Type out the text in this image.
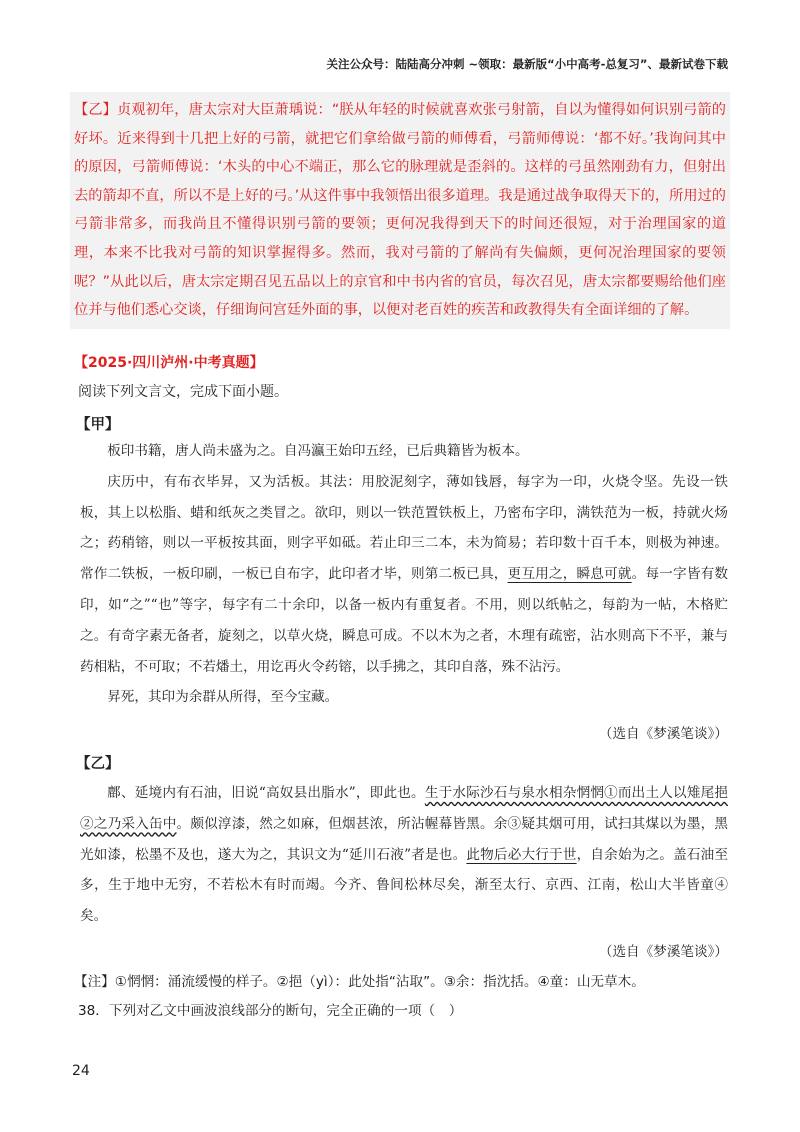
关注公众号：陆陆高分冲刺 ~领取：最新版“小中高考-总复习”、最新试卷下载

【乙】贞观初年，唐太宗对大臣萧瑀说：“朕从年轻的时候就喜欢张弓射箭，自以为懂得如何识别弓箭的好坏。近来得到十几把上好的弓箭，就把它们拿给做弓箭的师傅看，弓箭师傅说：‘都不好。’我询问其中的原因，弓箭师傅说：‘木头的中心不端正，那么它的脉理就是歪斜的。这样的弓虽然刚劲有力，但射出去的箭却不直，所以不是上好的弓。’从这件事中我领悟出很多道理。我是通过战争取得天下的，所用过的弓箭非常多，而我尚且不懂得识别弓箭的要领；更何况我得到天下的时间还很短，对于治理国家的道理，本来不比我对弓箭的知识掌握得多。然而，我对弓箭的了解尚有失偏颇，更何况治理国家的要领呢？”从此以后，唐太宗定期召见五品以上的京官和中书内省的官员，每次召见，唐太宗都要赐给他们座位并与他们悉心交谈，仔细询问宫廷外面的事，以便对老百姓的疾苦和政教得失有全面详细的了解。

【2025·四川泸州·中考真题】
阅读下列文言文，完成下面小题。
【甲】

板印书籍，唐人尚未盛为之。自冯瀛王始印五经，已后典籍皆为板本。

庆历中，有布衣毕昇，又为活板。其法：用胶泥刻字，薄如钱唇，每字为一印，火烧令坚。先设一铁板，其上以松脂、蜡和纸灰之类冒之。欲印，则以一铁范置铁板上，乃密布字印，满铁范为一板，持就火炀之；药稍镕，则以一平板按其面，则字平如砥。若止印三二本，未为简易；若印数十百千本，则极为神速。常作二铁板，一板印刷，一板已自布字，此印者才毕，则第二板已具，更互用之，瞬息可就。每一字皆有数印，如“之”“也”等字，每字有二十余印，以备一板内有重复者。不用，则以纸帖之，每韵为一帖，木格贮之。有奇字素无备者，旋刻之，以草火烧，瞬息可成。不以木为之者，木理有疏密，沾水则高下不平，兼与药相粘，不可取；不若燔土，用讫再火令药镕，以手拂之，其印自落，殊不沾污。

昇死，其印为余群从所得，至今宝藏。

（选自《梦溪笔谈》）
【乙】

鄜、延境内有石油，旧说“高奴县出脂水”，即此也。生于水际沙石与泉水相杂惘惘①而出土人以雉尾挹②之乃采入缶中。颇似淳漆，然之如麻，但烟甚浓，所沾幄幕皆黑。余③疑其烟可用，试扫其煤以为墨，黑光如漆，松墨不及也，遂大为之，其识文为“延川石液”者是也。此物后必大行于世，自余始为之。盖石油至多，生于地中无穷，不若松木有时而竭。今齐、鲁间松林尽矣，渐至太行、京西、江南，松山大半皆童④矣。

（选自《梦溪笔谈》）
【注】①惘惘：涌流缓慢的样子。②挹（yì）：此处指“沾取”。③余：指沈括。④童：山无草木。
38．下列对乙文中画波浪线部分的断句，完全正确的一项（　）
24
